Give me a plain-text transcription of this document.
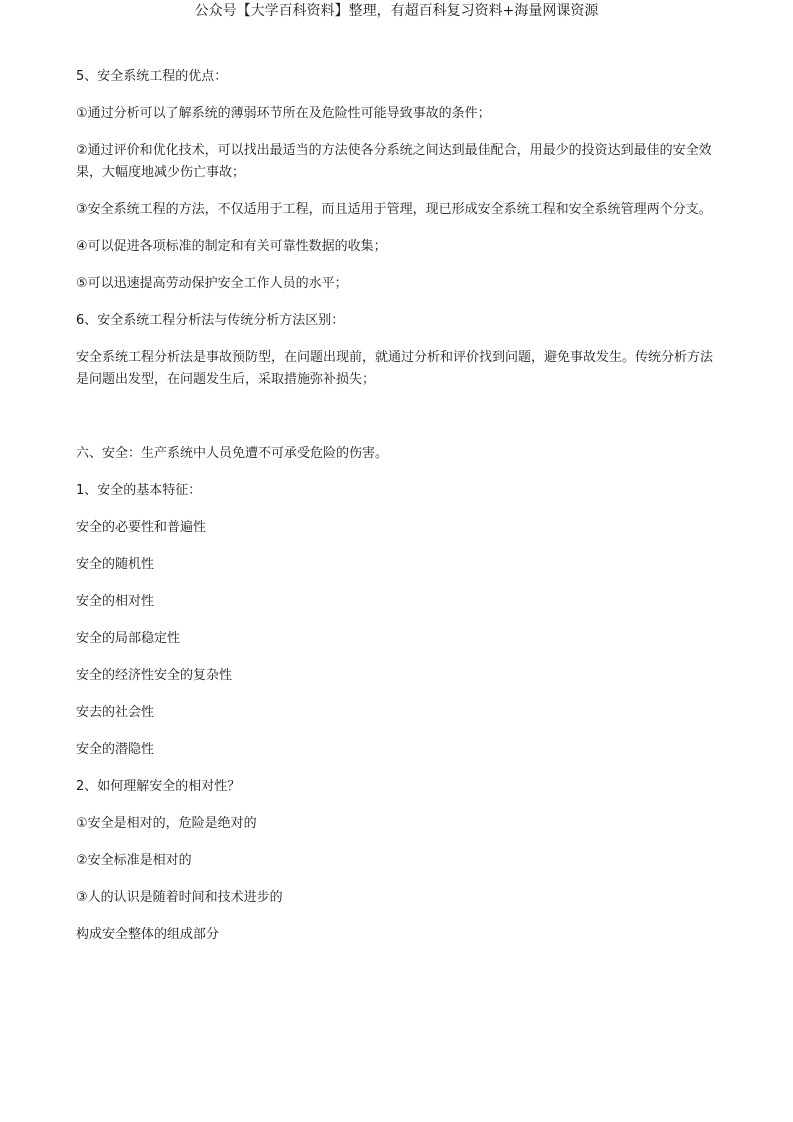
公众号【大学百科资料】整理，有超百科复习资料+海量网课资源

5、安全系统工程的优点：

①通过分析可以了解系统的薄弱环节所在及危险性可能导致事故的条件；

②通过评价和优化技术，可以找出最适当的方法使各分系统之间达到最佳配合，用最少的投资达到最佳的安全效果，大幅度地减少伤亡事故；

③安全系统工程的方法，不仅适用于工程，而且适用于管理，现已形成安全系统工程和安全系统管理两个分支。

④可以促进各项标准的制定和有关可靠性数据的收集；

⑤可以迅速提高劳动保护安全工作人员的水平；

6、安全系统工程分析法与传统分析方法区别：

安全系统工程分析法是事故预防型，在问题出现前，就通过分析和评价找到问题，避免事故发生。传统分析方法是问题出发型，在问题发生后，采取措施弥补损失；

六、安全：生产系统中人员免遭不可承受危险的伤害。

1、安全的基本特征：

安全的必要性和普遍性

安全的随机性

安全的相对性

安全的局部稳定性

安全的经济性安全的复杂性

安去的社会性

安全的潜隐性

2、如何理解安全的相对性？

①安全是相对的，危险是绝对的

②安全标准是相对的

③人的认识是随着时间和技术进步的

构成安全整体的组成部分
